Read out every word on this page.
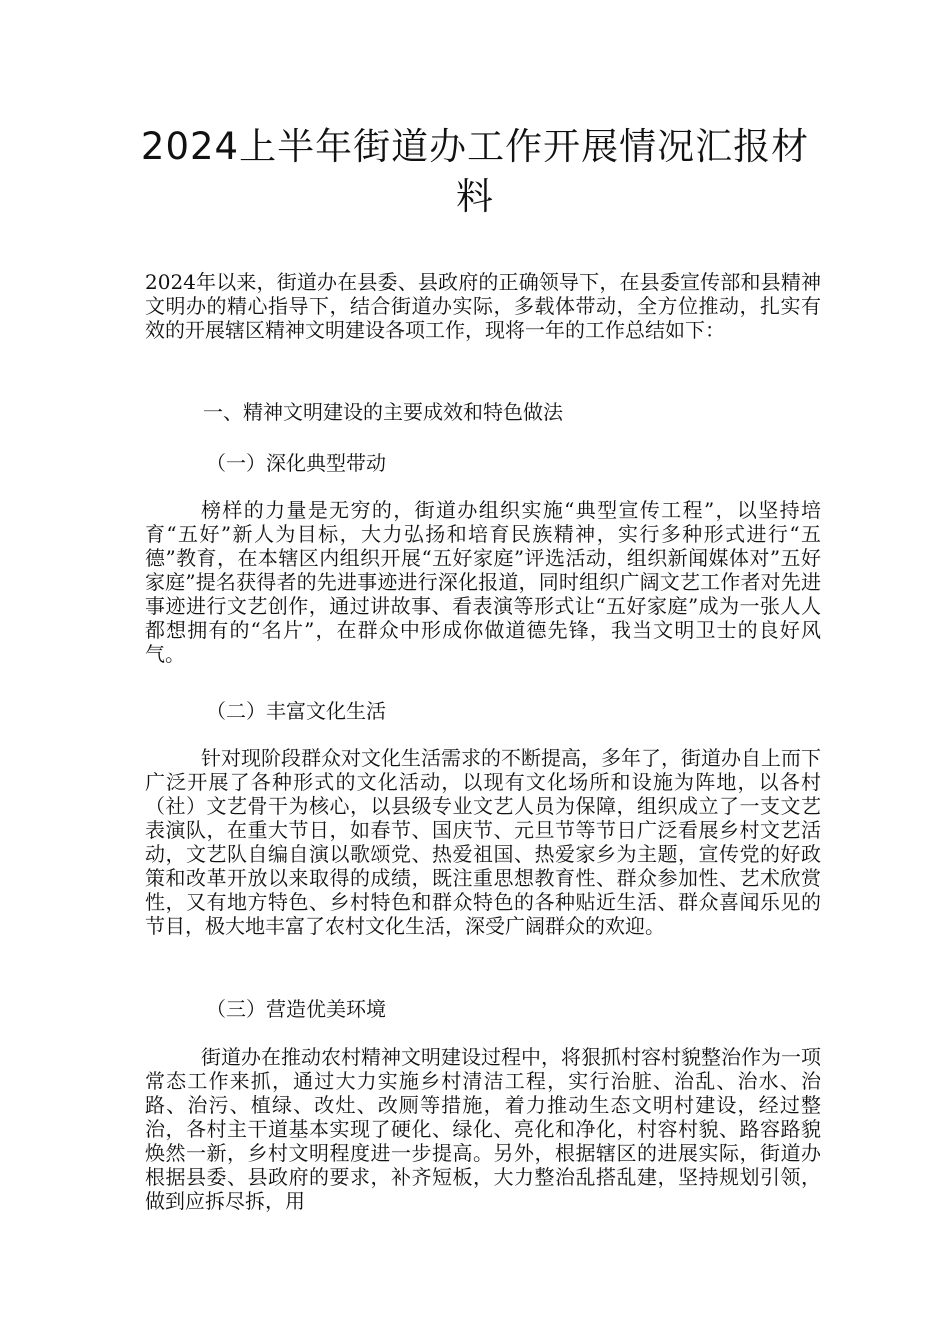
2024上半年街道办工作开展情况汇报材料

2024年以来，街道办在县委、县政府的正确领导下，在县委宣传部和县精神文明办的精心指导下，结合街道办实际，多载体带动，全方位推动，扎实有效的开展辖区精神文明建设各项工作，现将一年的工作总结如下：

一、精神文明建设的主要成效和特色做法

（一）深化典型带动

榜样的力量是无穷的，街道办组织实施“典型宣传工程”，以坚持培育“五好”新人为目标，大力弘扬和培育民族精神，实行多种形式进行“五德”教育，在本辖区内组织开展“五好家庭”评选活动，组织新闻媒体对”五好家庭”提名获得者的先进事迹进行深化报道，同时组织广阔文艺工作者对先进事迹进行文艺创作，通过讲故事、看表演等形式让“五好家庭”成为一张人人都想拥有的“名片”，在群众中形成你做道德先锋，我当文明卫士的良好风气。

（二）丰富文化生活

针对现阶段群众对文化生活需求的不断提高，多年了，街道办自上而下广泛开展了各种形式的文化活动，以现有文化场所和设施为阵地，以各村（社）文艺骨干为核心，以县级专业文艺人员为保障，组织成立了一支文艺表演队，在重大节日，如春节、国庆节、元旦节等节日广泛看展乡村文艺活动，文艺队自编自演以歌颂党、热爱祖国、热爱家乡为主题，宣传党的好政策和改革开放以来取得的成绩，既注重思想教育性、群众参加性、艺术欣赏性，又有地方特色、乡村特色和群众特色的各种贴近生活、群众喜闻乐见的节目，极大地丰富了农村文化生活，深受广阔群众的欢迎。

（三）营造优美环境

街道办在推动农村精神文明建设过程中，将狠抓村容村貌整治作为一项常态工作来抓，通过大力实施乡村清洁工程，实行治脏、治乱、治水、治路、治污、植绿、改灶、改厕等措施，着力推动生态文明村建设，经过整治，各村主干道基本实现了硬化、绿化、亮化和净化，村容村貌、路容路貌焕然一新，乡村文明程度进一步提高。另外，根据辖区的进展实际，街道办根据县委、县政府的要求，补齐短板，大力整治乱搭乱建，坚持规划引领，做到应拆尽拆，用
